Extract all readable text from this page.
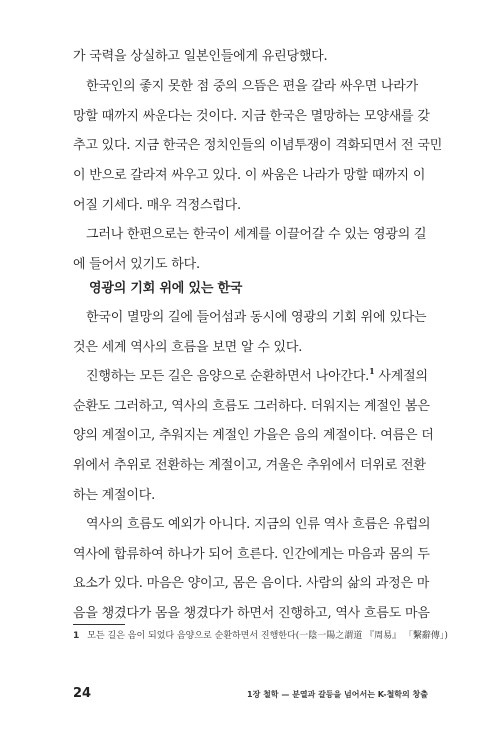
가 국력을 상실하고 일본인들에게 유린당했다.

한국인의 좋지 못한 점 중의 으뜸은 편을 갈라 싸우면 나라가
망할 때까지 싸운다는 것이다. 지금 한국은 멸망하는 모양새를 갖
추고 있다. 지금 한국은 정치인들의 이념투쟁이 격화되면서 전 국민
이 반으로 갈라져 싸우고 있다. 이 싸움은 나라가 망할 때까지 이
어질 기세다. 매우 걱정스럽다.

그러나 한편으로는 한국이 세계를 이끌어갈 수 있는 영광의 길
에 들어서 있기도 하다.

영광의 기회 위에 있는 한국

한국이 멸망의 길에 들어섬과 동시에 영광의 기회 위에 있다는
것은 세계 역사의 흐름을 보면 알 수 있다.

진행하는 모든 길은 음양으로 순환하면서 나아간다.$^1$ 사계절의
순환도 그러하고, 역사의 흐름도 그러하다. 더워지는 계절인 봄은
양의 계절이고, 추워지는 계절인 가을은 음의 계절이다. 여름은 더
위에서 추위로 전환하는 계절이고, 겨울은 추위에서 더위로 전환
하는 계절이다.

역사의 흐름도 예외가 아니다. 지금의 인류 역사 흐름은 유럽의
역사에 합류하여 하나가 되어 흐른다. 인간에게는 마음과 몸의 두
요소가 있다. 마음은 양이고, 몸은 음이다. 사람의 삶의 과정은 마
음을 챙겼다가 몸을 챙겼다가 하면서 진행하고, 역사 흐름도 마음

1 모든 길은 음이 되었다 음양으로 순환하면서 진행한다(一陰一陽之謂道 『周易』 「繫辭傳」)

24	1장 철학 — 분열과 갈등을 넘어서는 K-철학의 창출
